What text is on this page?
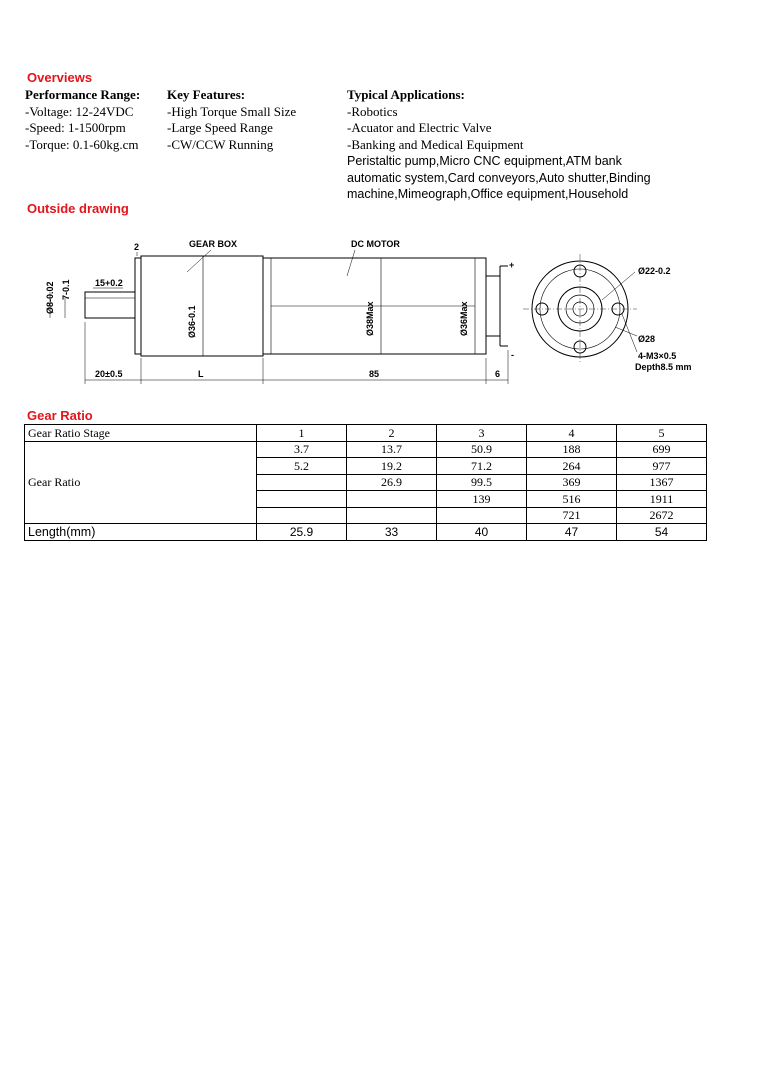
Overviews
Performance Range:
-Voltage: 12-24VDC
-Speed: 1-1500rpm
-Torque: 0.1-60kg.cm
Key Features:
-High Torque Small Size
-Large Speed Range
-CW/CCW Running
Typical Applications:
-Robotics
-Acuator and Electric Valve
-Banking and Medical Equipment
Peristaltic pump,Micro CNC equipment,ATM bank
automatic system,Card conveyors,Auto shutter,Binding
machine,Mimeograph,Office equipment,Household
Outside drawing
GEAR BOX	DC MOTOR
2
Ø8-0.02 7-0.1	15+0.2
Ø36-0.1	Ø38Max	Ø36Max
+
-
20±0.5	L	85	6
Ø22-0.2
Ø28
4-M3×0.5
Depth8.5 mm
Gear Ratio
Gear Ratio Stage	1	2	3	4	5
Gear Ratio	3.7	13.7	50.9	188	699
	5.2	19.2	71.2	264	977
		26.9	99.5	369	1367
			139	516	1911
				721	2672
Length(mm)	25.9	33	40	47	54
